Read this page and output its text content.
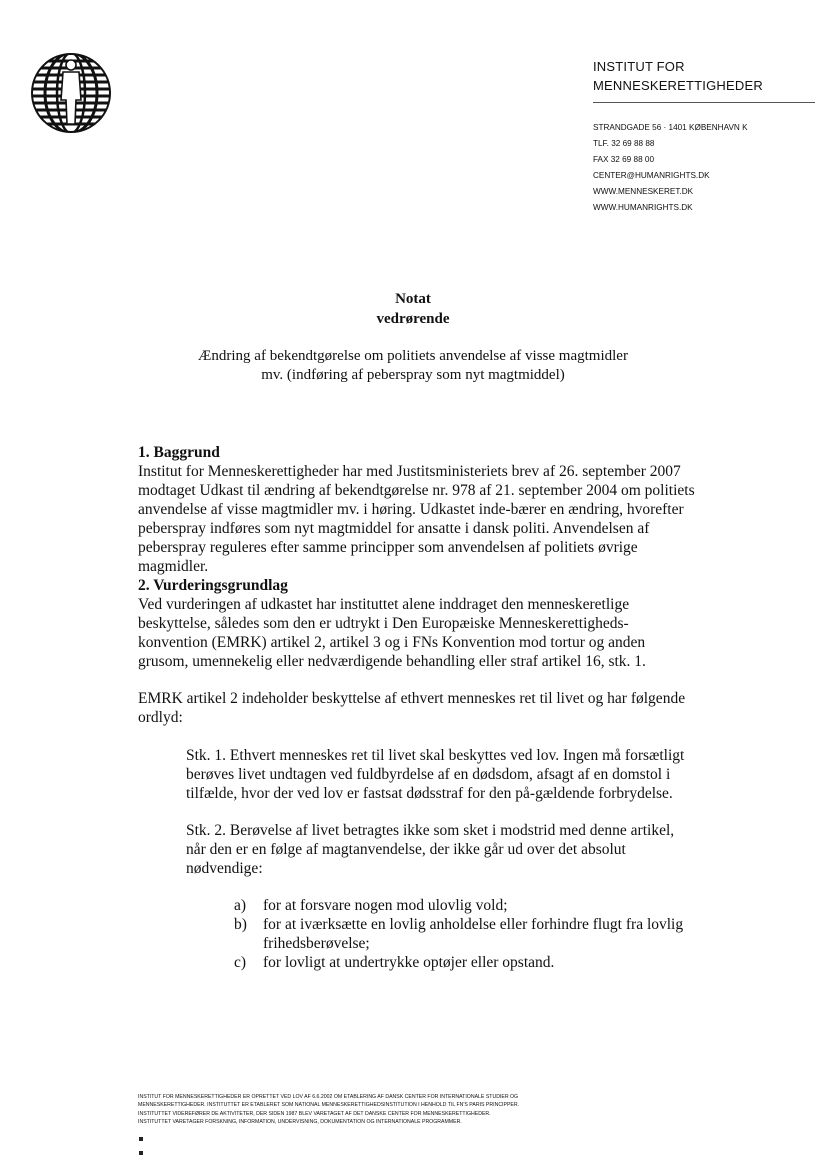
INSTITUT FOR
MENNESKERETTIGHEDER
STRANDGADE 56 · 1401 KØBENHAVN K
TLF. 32 69 88 88
FAX 32 69 88 00
CENTER@HUMANRIGHTS.DK
WWW.MENNESKERET.DK
WWW.HUMANRIGHTS.DK
Notat
vedrørende
Ændring af bekendtgørelse om politiets anvendelse af visse magtmidler
mv. (indføring af peberspray som nyt magtmiddel)
1. Baggrund

Institut for Menneskerettigheder har med Justitsministeriets brev af 26. september 2007 modtaget Udkast til ændring af bekendtgørelse nr. 978 af 21. september 2004 om politiets anvendelse af visse magtmidler mv. i høring. Udkastet inde-bærer en ændring, hvorefter peberspray indføres som nyt magtmiddel for ansatte i dansk politi. Anvendelsen af peberspray reguleres efter samme principper som anvendelsen af politiets øvrige magmidler.

2. Vurderingsgrundlag

Ved vurderingen af udkastet har instituttet alene inddraget den menneskeretlige beskyttelse, således som den er udtrykt i Den Europæiske Menneskerettigheds-konvention (EMRK) artikel 2, artikel 3 og i FNs Konvention mod tortur og anden grusom, umennekelig eller nedværdigende behandling eller straf artikel 16, stk. 1.

EMRK artikel 2 indeholder beskyttelse af ethvert menneskes ret til livet og har følgende ordlyd:

Stk. 1. Ethvert menneskes ret til livet skal beskyttes ved lov. Ingen må forsætligt berøves livet undtagen ved fuldbyrdelse af en dødsdom, afsagt af en domstol i tilfælde, hvor der ved lov er fastsat dødsstraf for den på-gældende forbrydelse.

Stk. 2. Berøvelse af livet betragtes ikke som sket i modstrid med denne artikel, når den er en følge af magtanvendelse, der ikke går ud over det absolut nødvendige:

a)	for at forsvare nogen mod ulovlig vold;
b)	for at iværksætte en lovlig anholdelse eller forhindre flugt fra lovlig frihedsberøvelse;
c)	for lovligt at undertrykke optøjer eller opstand.
INSTITUT FOR MENNESKERETTIGHEDER ER OPRETTET VED LOV AF 6.6.2002 OM ETABLERING AF DANSK CENTER FOR INTERNATIONALE STUDIER OG
MENNESKERETTIGHEDER. INSTITUTTET ER ETABLERET SOM NATIONAL MENNESKERETTIGHEDSINSTITUTION I HENHOLD TIL FN'S PARIS PRINCIPPER.
INSTITUTTET VIDEREFØRER DE AKTIVITETER, DER SIDEN 1987 BLEV VARETAGET AF DET DANSKE CENTER FOR MENNESKERETTIGHEDER.
INSTITUTTET VARETAGER FORSKNING, INFORMATION, UNDERVISNING, DOKUMENTATION OG INTERNATIONALE PROGRAMMER.
